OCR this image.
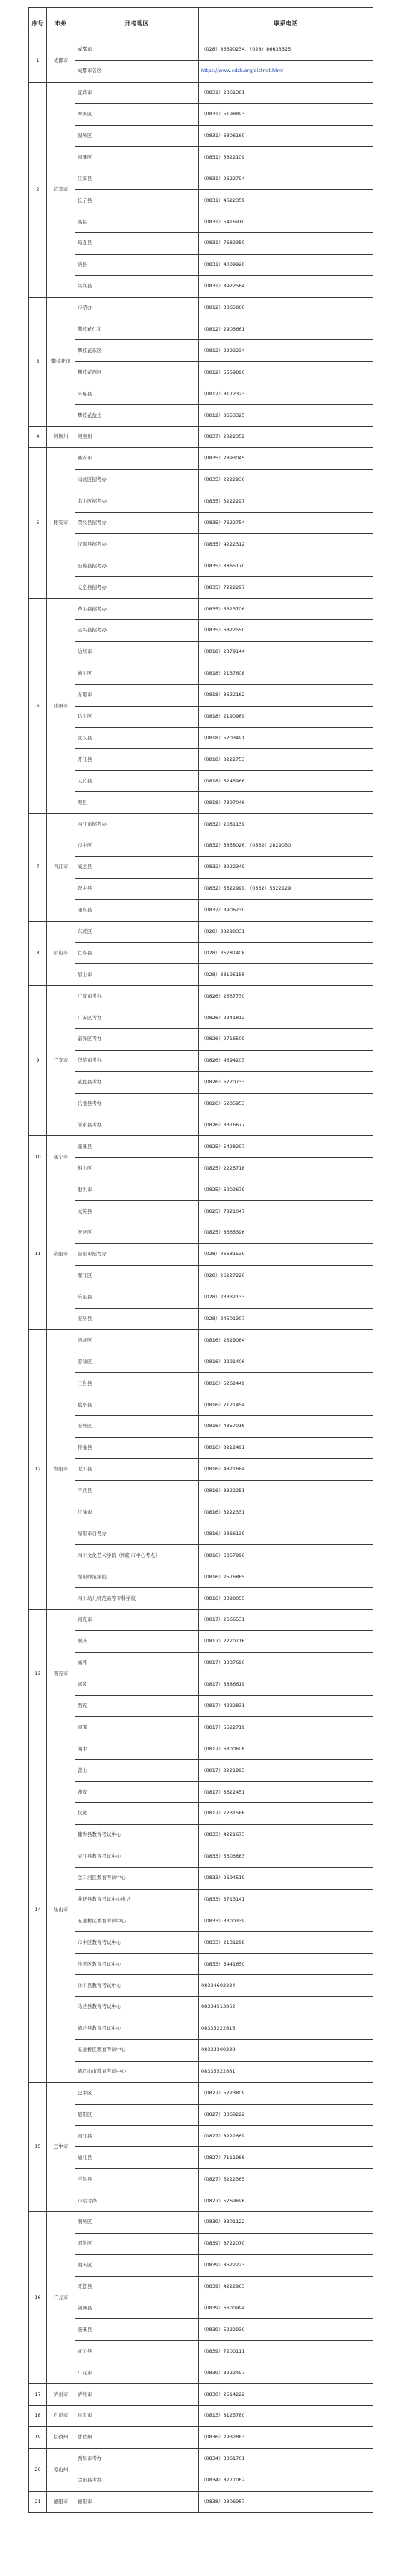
序号	市州	开考地区	联系电话
1	成都市	成都市	（028）86690234、（028）86633325
		成都市各区	https://www.cdzk.org/district.html
2	宜宾市	宜宾市	（0831）2361361
		翠屏区	（0831）5198893
		叙州区	（0831）6306160
		南溪区	（0831）3322109
		江安县	（0831）2622794
		长宁县	（0831）4622359
		高县	（0831）5416910
		筠连县	（0831）7682350
		珙县	（0831）4039920
		兴文县	（0831）8922564
3	攀枝花市	市招办	（0812）3365806
		攀枝花仁和	（0812）2903661
		攀枝花东区	（0812）2292234
		攀枝花西区	（0812）5559890
		米易县	（0812）8172323
		攀枝花盐边	（0812）8653325
4	阿坝州	阿坝州	（0837）2822352
5	雅安市	雅安市	（0835）2893045
		雨城区招考办	（0835）2222936
		名山区招考办	（0835）3222297
		荥经县招考办	（0835）7622754
		汉源县招考办	（0835）4222312
		石棉县招考办	（0835）8865170
		天全县招考办	（0835）7222297
6	达州市	芦山县招考办	（0835）6323706
		宝兴县招考办	（0835）6822550
		达州市	（0818）2379144
		通川区	（0818）2137608
		万源市	（0818）8622162
		达川区	（0818）2190989
		宣汉县	（0818）5203491
		开江县	（0818）8222753
		大竹县	（0818）6245966
		渠县	（0818）7397046
7	内江市	内江市招考办	（0832）2051139
		市中区	（0832）5858026、（0832）2829030
		威远县	（0832）8222349
		资中县	（0832）5522999、（0832）5522129
		隆昌县	（0832）3906230
8	眉山市	东坡区	（028）38298331
		仁寿县	（028）36281408
		眉山市	（028）38195158
9	广安市	广安市考办	（0826）2337730
		广安区考办	（0826）2241813
		前锋区考办	（0826）2716509
		华蓥市考办	（0826）4394203
		武胜县考办	（0826）6220733
		岳池县考办	（0826）5235953
		邻水县考办	（0826）3376677
10	遂宁市	蓬溪县	（0825）5428297
		船山区	（0825）2225718
11	资阳市	射洪市	（0825）6902679
		大英县	（0825）7821047
		安居区	（0825）8665396
		资阳市招考办	（028）26631539
		雁江区	（028）26227220
		乐至县	（028）23332133
		安岳县	（028）24501307
12	绵阳市	涪城区	（0816）2329064
		游仙区	（0816）2291406
		三台县	（0816）5262449
		盐亭县	（0816）7121454
		安州区	（0816）4357016
		梓潼县	（0816）8212491
		北川县	（0816）4821684
		平武县	（0816）8822251
		江油市	（0816）3222331
		绵阳市自考办	（0816）2366139
		四川文化艺术学院（绵阳市中心考点）	（0816）6357996
		绵阳师范学院	（0816）2576865
		四川幼儿师范高等专科学校	（0816）3398055
13	南充市	南充市	（0817）2666531
		顺庆	（0817）2220716
		高坪	（0817）3337690
		嘉陵	（0817）3886619
		西充	（0817）4222831
		南部	（0817）5522719
14	乐山市	阆中	（0817）6300608
		营山	（0817）8221993
		蓬安	（0817）8622451
		仪陇	（0817）7231566
		犍为县教育考试中心	（0833）4221673
		夹江县教育考试中心	（0833）5603683
		金口河区教育考试中心	（0833）2694519
		井研县教育考试中心电话	（0833）3713141
		五通桥区教育考试中心	（0833）3300339
		市中区教育考试中心	（0833）2131298
		沙湾区教育考试中心	（0833）3441650
		沐川县教育考试中心	08334602234
		马边县教育考试中心	08334513862
		峨边县教育考试中心	08335222616
		五通桥区教育考试中心	08333300339
		峨眉山市教育考试中心	08335522881
15	巴中市	巴中区	（0827）5223809
		恩阳区	（0827）3368222
		南江县	（0827）8222669
		通江县	（0827）7111988
		平昌县	（0827）6222365
		市招考办	（0827）5269696
16	广元市	利州区	（0839）3301122
		昭化区	（0839）8722070
		朝天区	（0839）8622223
		旺苍县	（0839）4222963
		剑阁县	（0839）6600994
		苍溪县	（0839）5222930
		青川县	（0839）7200111
		广元市	（0839）3222497
17	泸州市	泸州市	（0830）2514222
18	自贡市	自贡市	（0813）8125780
19	甘孜州	甘孜州	（0836）2932863
20	凉山州	西昌市考办	（0834）3361761
		金阳县考办	（0834）8777062
21	德阳市	德阳市	（0838）2306957
